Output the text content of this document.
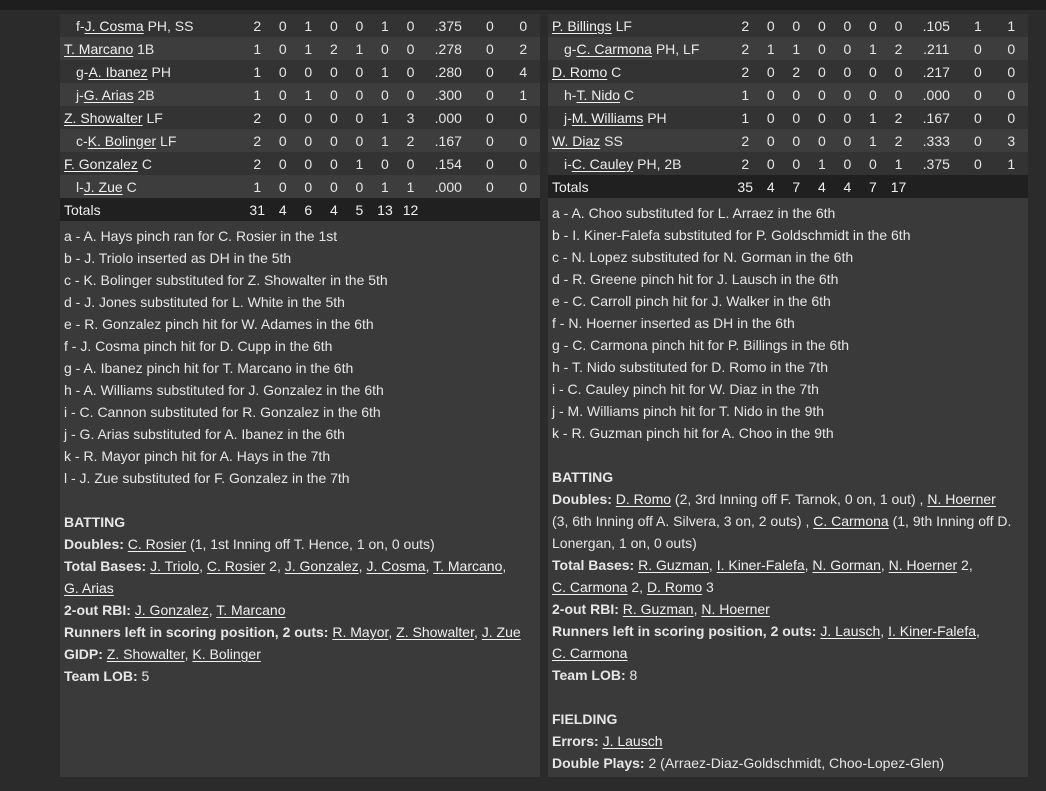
f-J. Cosma PH, SS	2	0	1	0	0	1	0	.375	0	0
T. Marcano 1B	1	0	1	2	1	0	0	.278	0	2
g-A. Ibanez PH	1	0	0	0	0	1	0	.280	0	4
j-G. Arias 2B	1	0	1	0	0	0	0	.300	0	1
Z. Showalter LF	2	0	0	0	0	1	3	.000	0	0
c-K. Bolinger LF	2	0	0	0	0	1	2	.167	0	0
F. Gonzalez C	2	0	0	0	1	0	0	.154	0	0
l-J. Zue C	1	0	0	0	0	1	1	.000	0	0
Totals	31	4	6	4	5	13	12			
a - A. Hays pinch ran for C. Rosier in the 1st
b - J. Triolo inserted as DH in the 5th
c - K. Bolinger substituted for Z. Showalter in the 5th
d - J. Jones substituted for L. White in the 5th
e - R. Gonzalez pinch hit for W. Adames in the 6th
f - J. Cosma pinch hit for D. Cupp in the 6th
g - A. Ibanez pinch hit for T. Marcano in the 6th
h - A. Williams substituted for J. Gonzalez in the 6th
i - C. Cannon substituted for R. Gonzalez in the 6th
j - G. Arias substituted for A. Ibanez in the 6th
k - R. Mayor pinch hit for A. Hays in the 7th
l - J. Zue substituted for F. Gonzalez in the 7th
BATTING
Doubles: C. Rosier (1, 1st Inning off T. Hence, 1 on, 0 outs)
Total Bases: J. Triolo, C. Rosier 2, J. Gonzalez, J. Cosma, T. Marcano,
G. Arias
2-out RBI: J. Gonzalez, T. Marcano
Runners left in scoring position, 2 outs: R. Mayor, Z. Showalter, J. Zue
GIDP: Z. Showalter, K. Bolinger
Team LOB: 5
P. Billings LF	2	0	0	0	0	0	0	.105	1	1
g-C. Carmona PH, LF	2	1	1	0	0	1	2	.211	0	0
D. Romo C	2	0	2	0	0	0	0	.217	0	0
h-T. Nido C	1	0	0	0	0	0	0	.000	0	0
j-M. Williams PH	1	0	0	0	0	1	2	.167	0	0
W. Diaz SS	2	0	0	0	0	1	2	.333	0	3
i-C. Cauley PH, 2B	2	0	0	1	0	0	1	.375	0	1
Totals	35	4	7	4	4	7	17			
a - A. Choo substituted for L. Arraez in the 6th
b - I. Kiner-Falefa substituted for P. Goldschmidt in the 6th
c - N. Lopez substituted for N. Gorman in the 6th
d - R. Greene pinch hit for J. Lausch in the 6th
e - C. Carroll pinch hit for J. Walker in the 6th
f - N. Hoerner inserted as DH in the 6th
g - C. Carmona pinch hit for P. Billings in the 6th
h - T. Nido substituted for D. Romo in the 7th
i - C. Cauley pinch hit for W. Diaz in the 7th
j - M. Williams pinch hit for T. Nido in the 9th
k - R. Guzman pinch hit for A. Choo in the 9th
BATTING
Doubles: D. Romo (2, 3rd Inning off F. Tarnok, 0 on, 1 out) , N. Hoerner
(3, 6th Inning off A. Silvera, 3 on, 2 outs) , C. Carmona (1, 9th Inning off D. Lonergan, 1 on, 0 outs)
Total Bases: R. Guzman, I. Kiner-Falefa, N. Gorman, N. Hoerner 2,
C. Carmona 2, D. Romo 3
2-out RBI: R. Guzman, N. Hoerner
Runners left in scoring position, 2 outs: J. Lausch, I. Kiner-Falefa,
C. Carmona
Team LOB: 8
FIELDING
Errors: J. Lausch
Double Plays: 2 (Arraez-Diaz-Goldschmidt, Choo-Lopez-Glen)
